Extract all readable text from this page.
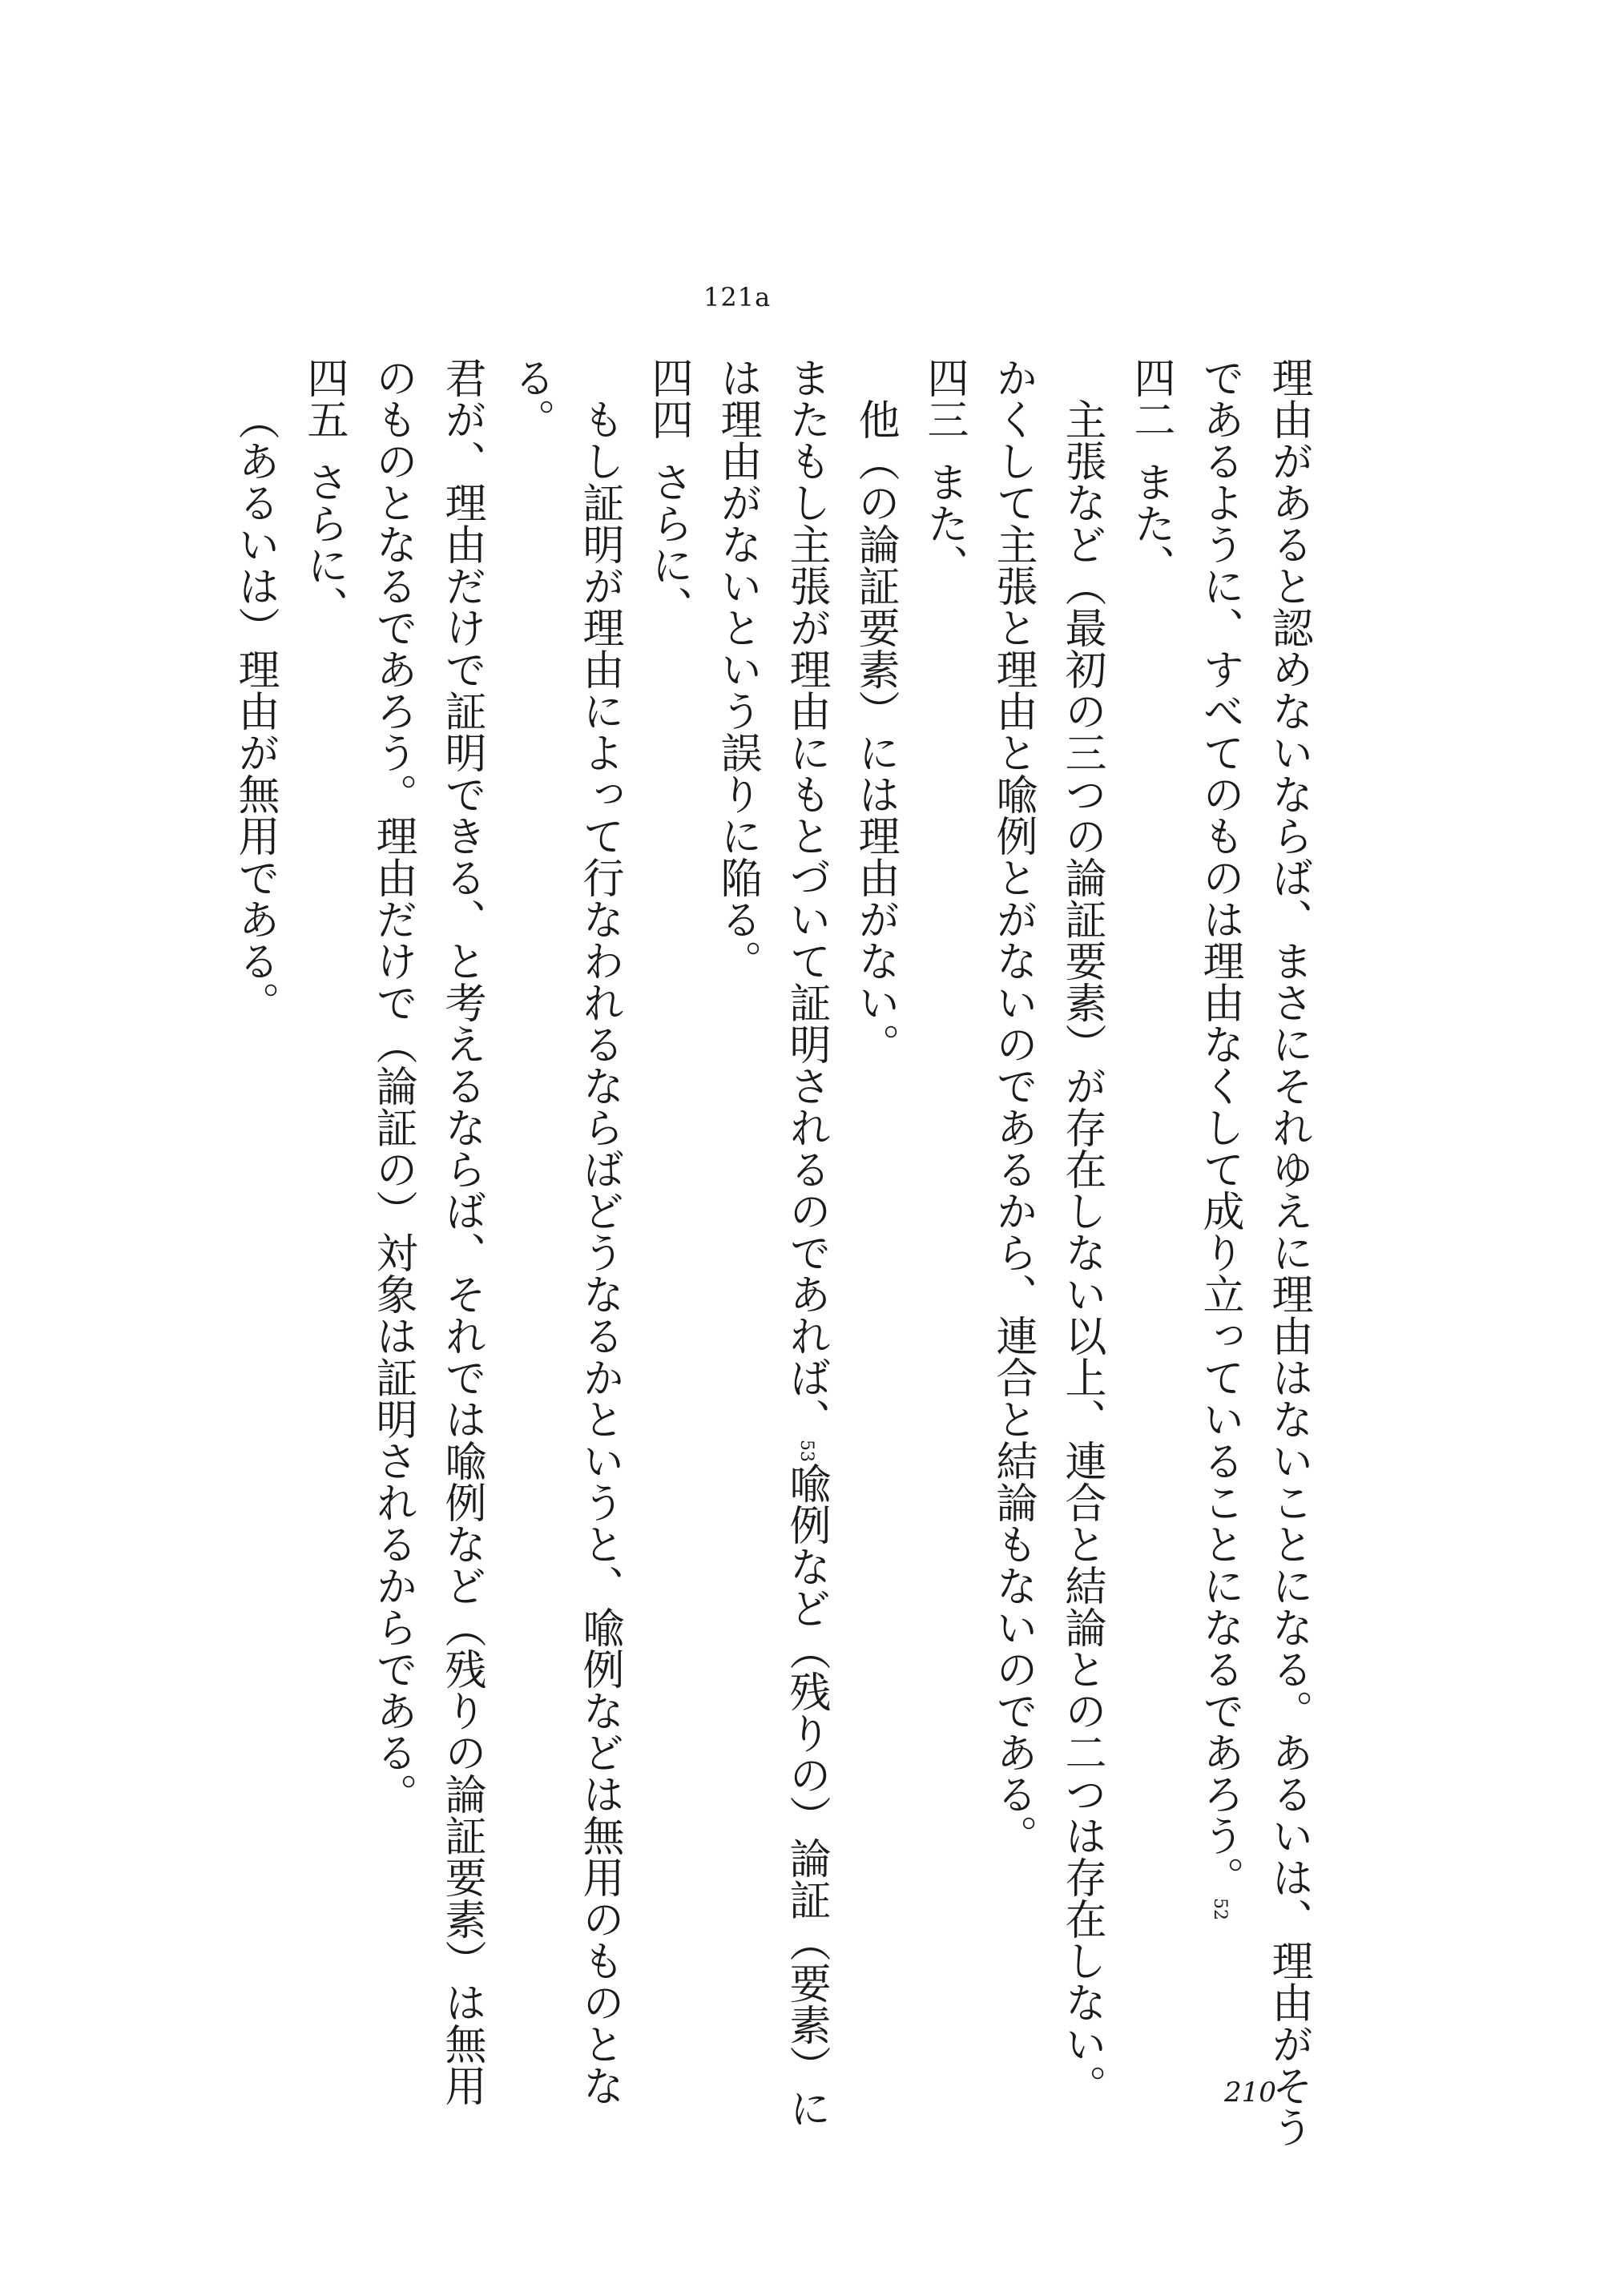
121a
理由があると認めないならば、まさにそれゆえに理由はないことになる。あるいは、理由がそう
であるように、すべてのものは理由なくして成り立っていることになるであろう。52
四二また、
主張など（最初の三つの論証要素）が存在しない以上、連合と結論との二つは存在しない。
かくして主張と理由と喩例とがないのであるから、連合と結論もないのである。
四三また、
他（の論証要素）には理由がない。
またもし主張が理由にもとづいて証明されるのであれば、53喩例など（残りの）論証（要素）に
は理由がないという誤りに陥る。
四四さらに、
もし証明が理由によって行なわれるならばどうなるかというと、喩例などは無用のものとな
る。
君が、理由だけで証明できる、と考えるならば、それでは喩例など（残りの論証要素）は無用
のものとなるであろう。理由だけで（論証の）対象は証明されるからである。
四五さらに、
（あるいは）理由が無用である。
210
